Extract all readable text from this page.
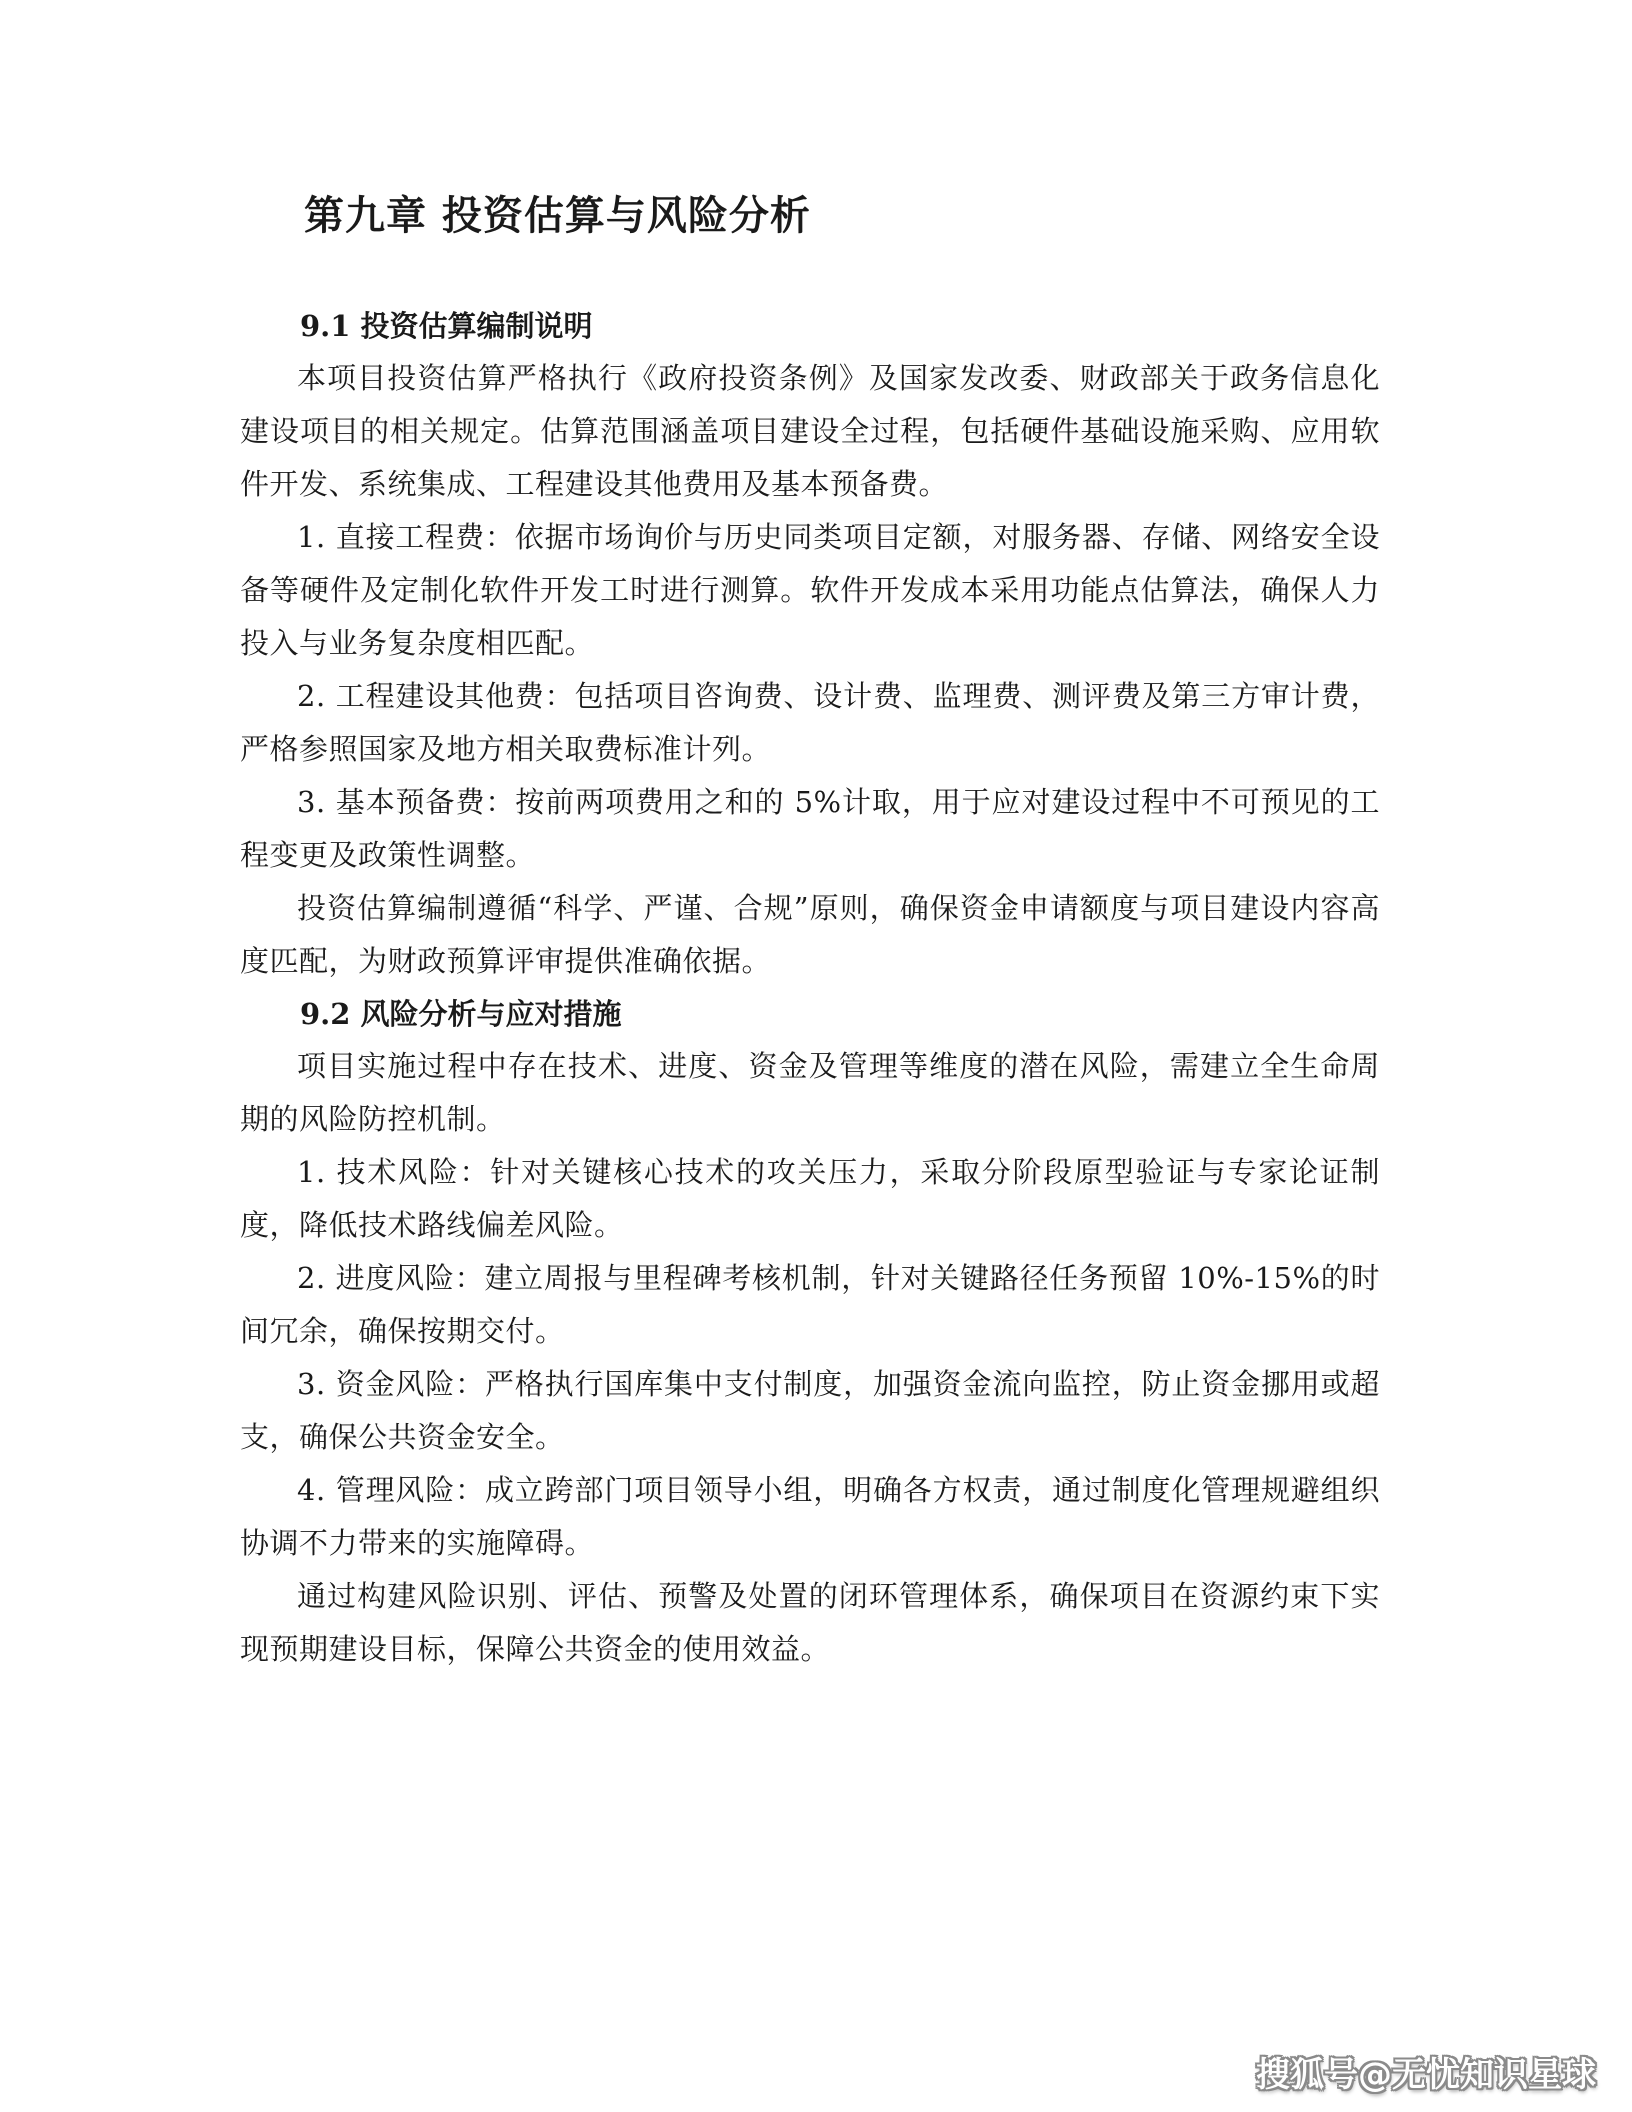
第九章 投资估算与风险分析
9.1 投资估算编制说明

本项目投资估算严格执行《政府投资条例》及国家发改委、财政部关于政务信息化建设项目的相关规定。估算范围涵盖项目建设全过程，包括硬件基础设施采购、应用软件开发、系统集成、工程建设其他费用及基本预备费。

1. 直接工程费：依据市场询价与历史同类项目定额，对服务器、存储、网络安全设备等硬件及定制化软件开发工时进行测算。软件开发成本采用功能点估算法，确保人力投入与业务复杂度相匹配。

2. 工程建设其他费：包括项目咨询费、设计费、监理费、测评费及第三方审计费，严格参照国家及地方相关取费标准计列。

3. 基本预备费：按前两项费用之和的 5%计取，用于应对建设过程中不可预见的工程变更及政策性调整。

投资估算编制遵循“科学、严谨、合规”原则，确保资金申请额度与项目建设内容高度匹配，为财政预算评审提供准确依据。

9.2 风险分析与应对措施

项目实施过程中存在技术、进度、资金及管理等维度的潜在风险，需建立全生命周期的风险防控机制。

1. 技术风险：针对关键核心技术的攻关压力，采取分阶段原型验证与专家论证制度，降低技术路线偏差风险。

2. 进度风险：建立周报与里程碑考核机制，针对关键路径任务预留 10%-15%的时间冗余，确保按期交付。

3. 资金风险：严格执行国库集中支付制度，加强资金流向监控，防止资金挪用或超支，确保公共资金安全。

4. 管理风险：成立跨部门项目领导小组，明确各方权责，通过制度化管理规避组织协调不力带来的实施障碍。

通过构建风险识别、评估、预警及处置的闭环管理体系，确保项目在资源约束下实现预期建设目标，保障公共资金的使用效益。

搜狐号@无忧知识星球
